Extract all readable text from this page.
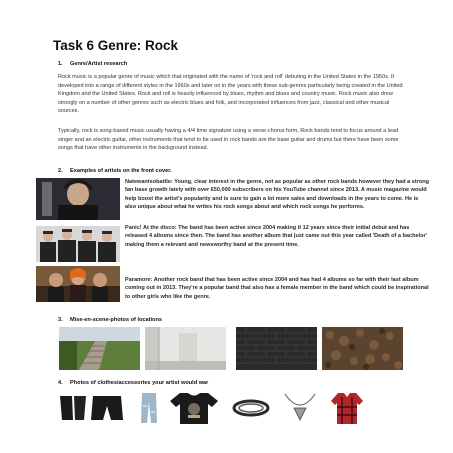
Task 6 Genre: Rock
1. Genre/Artist research

Rock music is a popular genre of music which that originated with the name of 'rock and roll' debuting in the United States in the 1950s. It developed into a range of different styles in the 1960s and later on in the years with these sub-genres particularly being created in the United Kingdom and the United States. Rock and roll is heavily influenced by blues, rhythm and blues and country music. Rock music also drew strongly on a number of other genres such as electric blues and folk, and incorporated influences from jazz, classical and other musical sources.

Typically, rock is song-based music usually having a 4/4 time signature using a verse-chorus form, Rock bands tend to focus around a lead singer and an electric guitar, other instruments that tend to be used in rock bands are the base guitar and drums but there have been some songs that have other instruments in the background instead.

2. Examples of artists on the front cover.

Natewantsobattle: Young, clear interest in the genre, not as popular as other rock bands however they had a strong fan base growth lately with over 650,000 subscribers on his YouTube channel since 2013. A music magazine would help boost the artist's popularity and is sure to gain a lot more sales and downloads in the years to come. He is also unique about what he writes his rock songs about and which rock songs he performs.

Panic! At the disco: The band has been active since 2004 making it 12 years since their initial debut and has released 4 albums since then. The band has another album that just came out this year called 'Death of a bachelor' making them a relevant and newsworthy band at the present time.

Paramore: Another rock band that has been active since 2004 and has had 4 albums so far with their last album coming out in 2013. They're a popular band that also has a female member in the band which could be inspirational to other girls who like the genre.

3. Mise-en-scene-photos of locations
4. Photos of clothes/accessories your artist would war
